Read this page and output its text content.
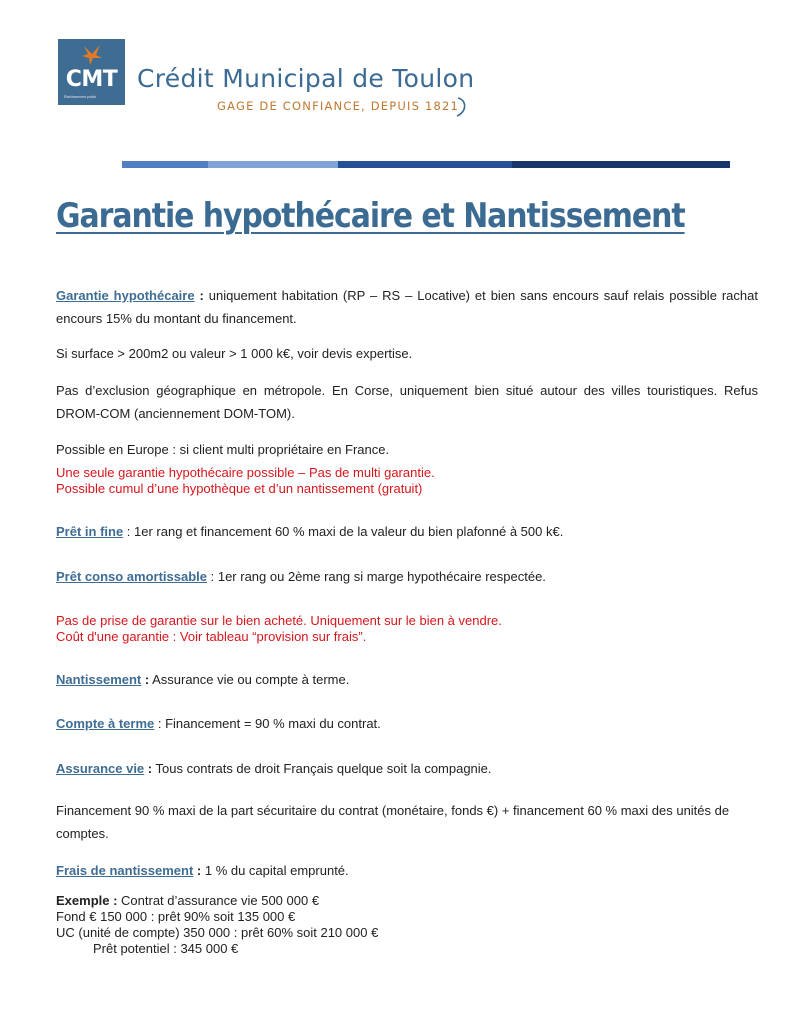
CMT
Établissement public
Crédit Municipal de Toulon
GAGE DE CONFIANCE, DEPUIS 1821
Garantie hypothécaire et Nantissement

Garantie hypothécaire : uniquement habitation (RP – RS – Locative) et bien sans encours sauf relais possible rachat encours 15% du montant du financement.

Si surface > 200m2 ou valeur > 1 000 k€, voir devis expertise.

Pas d’exclusion géographique en métropole. En Corse, uniquement bien situé autour des villes touristiques. Refus DROM-COM (anciennement DOM-TOM).

Possible en Europe : si client multi propriétaire en France.

Une seule garantie hypothécaire possible – Pas de multi garantie.
Possible cumul d’une hypothèque et d’un nantissement (gratuit)

Prêt in fine : 1er rang et financement 60 % maxi de la valeur du bien plafonné à 500 k€.

Prêt conso amortissable : 1er rang ou 2ème rang si marge hypothécaire respectée.

Pas de prise de garantie sur le bien acheté. Uniquement sur le bien à vendre.
Coût d'une garantie : Voir tableau “provision sur frais”.

Nantissement : Assurance vie ou compte à terme.

Compte à terme : Financement = 90 % maxi du contrat.

Assurance vie : Tous contrats de droit Français quelque soit la compagnie.

Financement 90 % maxi de la part sécuritaire du contrat (monétaire, fonds €) + financement 60 % maxi des unités de comptes.

Frais de nantissement : 1 % du capital emprunté.

Exemple : Contrat d’assurance vie 500 000 €
Fond € 150 000 : prêt 90% soit 135 000 €
UC (unité de compte) 350 000 : prêt 60% soit 210 000 €
Prêt potentiel : 345 000 €
